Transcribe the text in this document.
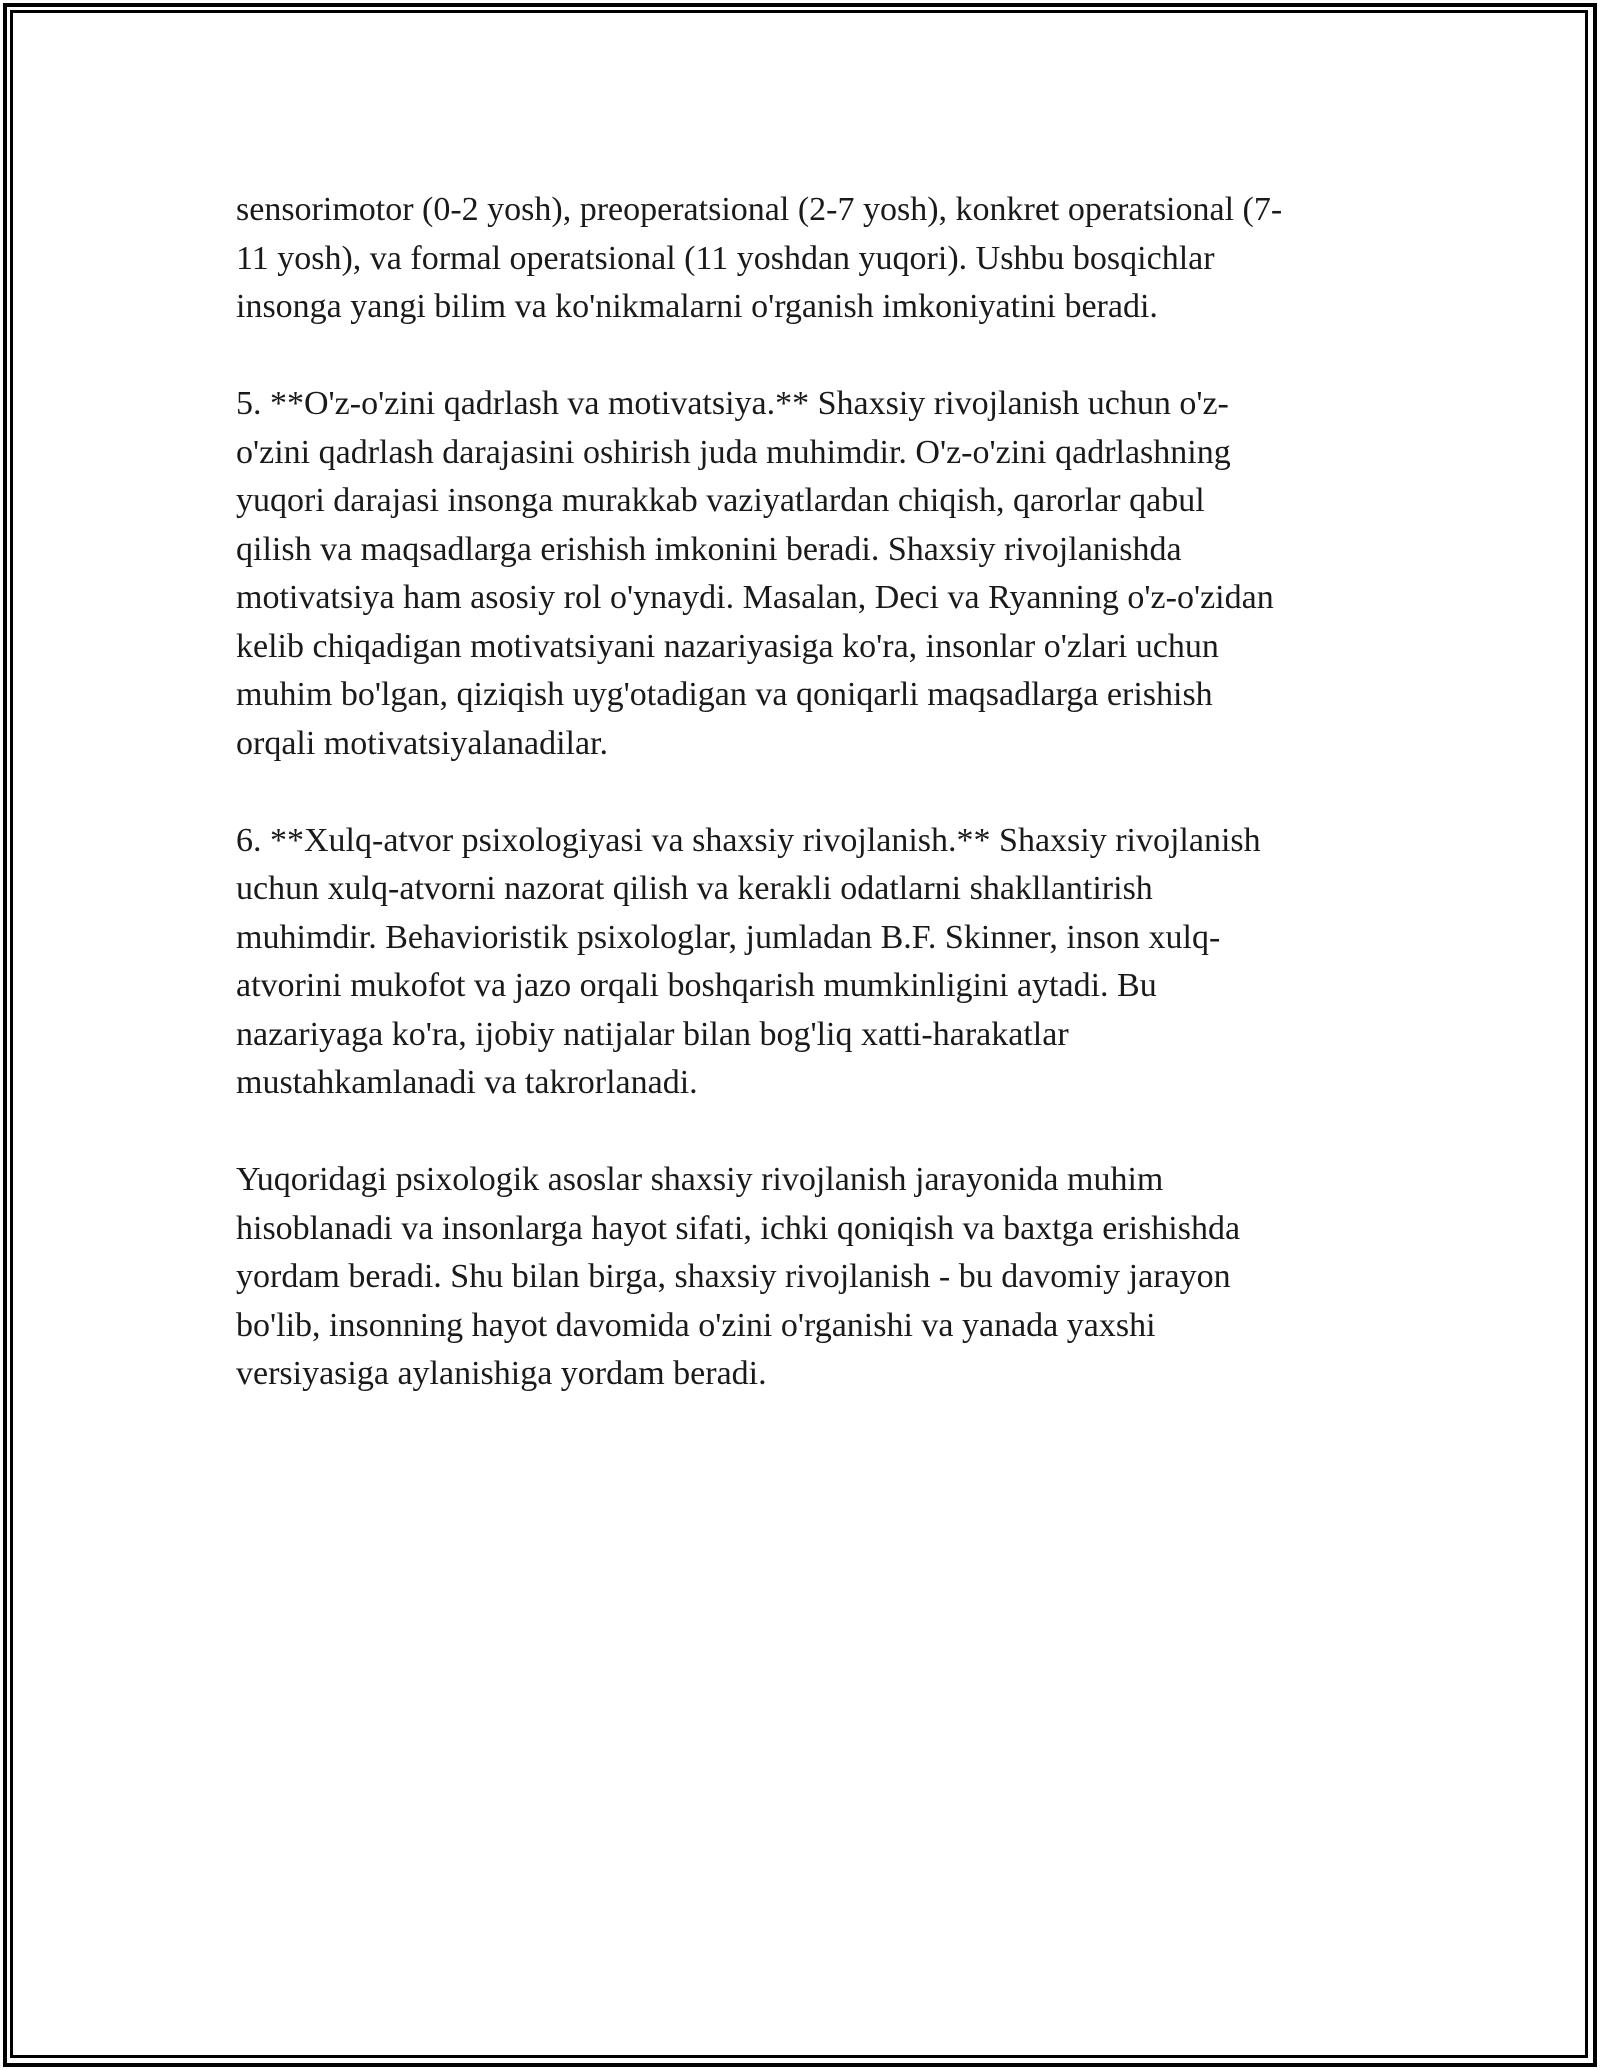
sensorimotor (0-2 yosh), preoperatsional (2-7 yosh), konkret operatsional (7-
11 yosh), va formal operatsional (11 yoshdan yuqori). Ushbu bosqichlar
insonga yangi bilim va ko'nikmalarni o'rganish imkoniyatini beradi.

5. **O'z-o'zini qadrlash va motivatsiya.** Shaxsiy rivojlanish uchun o'z-
o'zini qadrlash darajasini oshirish juda muhimdir. O'z-o'zini qadrlashning
yuqori darajasi insonga murakkab vaziyatlardan chiqish, qarorlar qabul
qilish va maqsadlarga erishish imkonini beradi. Shaxsiy rivojlanishda
motivatsiya ham asosiy rol o'ynaydi. Masalan, Deci va Ryanning o'z-o'zidan
kelib chiqadigan motivatsiyani nazariyasiga ko'ra, insonlar o'zlari uchun
muhim bo'lgan, qiziqish uyg'otadigan va qoniqarli maqsadlarga erishish
orqali motivatsiyalanadilar.

6. **Xulq-atvor psixologiyasi va shaxsiy rivojlanish.** Shaxsiy rivojlanish
uchun xulq-atvorni nazorat qilish va kerakli odatlarni shakllantirish
muhimdir. Behavioristik psixologlar, jumladan B.F. Skinner, inson xulq-
atvorini mukofot va jazo orqali boshqarish mumkinligini aytadi. Bu
nazariyaga ko'ra, ijobiy natijalar bilan bog'liq xatti-harakatlar
mustahkamlanadi va takrorlanadi.

Yuqoridagi psixologik asoslar shaxsiy rivojlanish jarayonida muhim
hisoblanadi va insonlarga hayot sifati, ichki qoniqish va baxtga erishishda
yordam beradi. Shu bilan birga, shaxsiy rivojlanish - bu davomiy jarayon
bo'lib, insonning hayot davomida o'zini o'rganishi va yanada yaxshi
versiyasiga aylanishiga yordam beradi.
